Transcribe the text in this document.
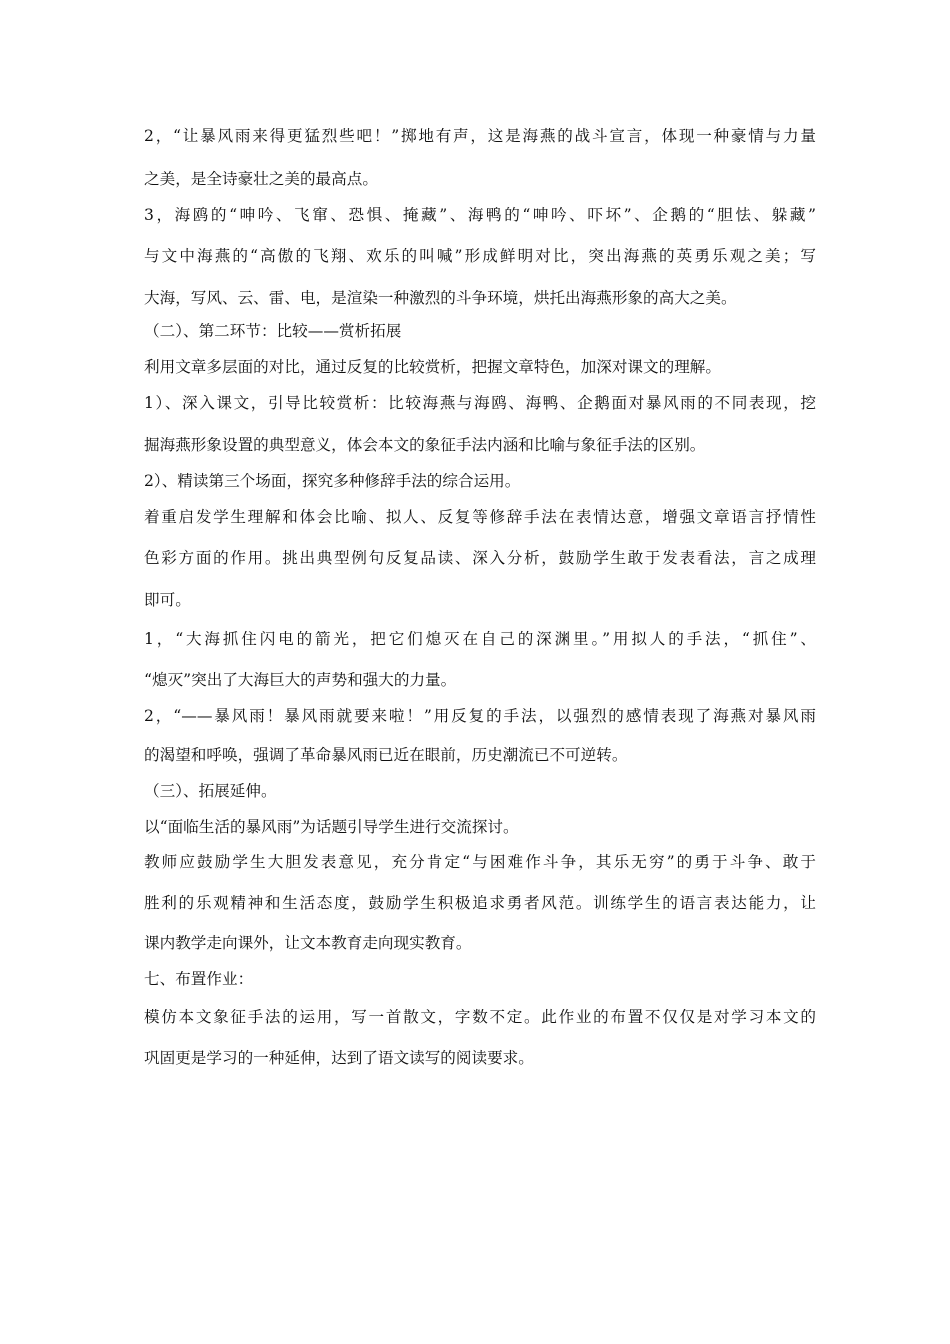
2，“让暴风雨来得更猛烈些吧！”掷地有声，这是海燕的战斗宣言，体现一种豪情与力量
之美，是全诗豪壮之美的最高点。
3，海鸥的“呻吟、飞窜、恐惧、掩藏”、海鸭的“呻吟、吓坏”、企鹅的“胆怯、躲藏”
与文中海燕的“高傲的飞翔、欢乐的叫喊”形成鲜明对比，突出海燕的英勇乐观之美；写
大海，写风、云、雷、电，是渲染一种激烈的斗争环境，烘托出海燕形象的高大之美。
（二）、第二环节：比较——赏析拓展
利用文章多层面的对比，通过反复的比较赏析，把握文章特色，加深对课文的理解。
1）、深入课文，引导比较赏析：比较海燕与海鸥、海鸭、企鹅面对暴风雨的不同表现，挖
掘海燕形象设置的典型意义，体会本文的象征手法内涵和比喻与象征手法的区别。
2）、精读第三个场面，探究多种修辞手法的综合运用。
着重启发学生理解和体会比喻、拟人、反复等修辞手法在表情达意，增强文章语言抒情性
色彩方面的作用。挑出典型例句反复品读、深入分析，鼓励学生敢于发表看法，言之成理
即可。
1，“大海抓住闪电的箭光，把它们熄灭在自己的深渊里。”用拟人的手法，“抓住”、
“熄灭”突出了大海巨大的声势和强大的力量。
2，“——暴风雨！暴风雨就要来啦！”用反复的手法，以强烈的感情表现了海燕对暴风雨
的渴望和呼唤，强调了革命暴风雨已近在眼前，历史潮流已不可逆转。
（三）、拓展延伸。
以“面临生活的暴风雨”为话题引导学生进行交流探讨。
教师应鼓励学生大胆发表意见，充分肯定“与困难作斗争，其乐无穷”的勇于斗争、敢于
胜利的乐观精神和生活态度，鼓励学生积极追求勇者风范。训练学生的语言表达能力，让
课内教学走向课外，让文本教育走向现实教育。
七、布置作业：
模仿本文象征手法的运用，写一首散文，字数不定。此作业的布置不仅仅是对学习本文的
巩固更是学习的一种延伸，达到了语文读写的阅读要求。
